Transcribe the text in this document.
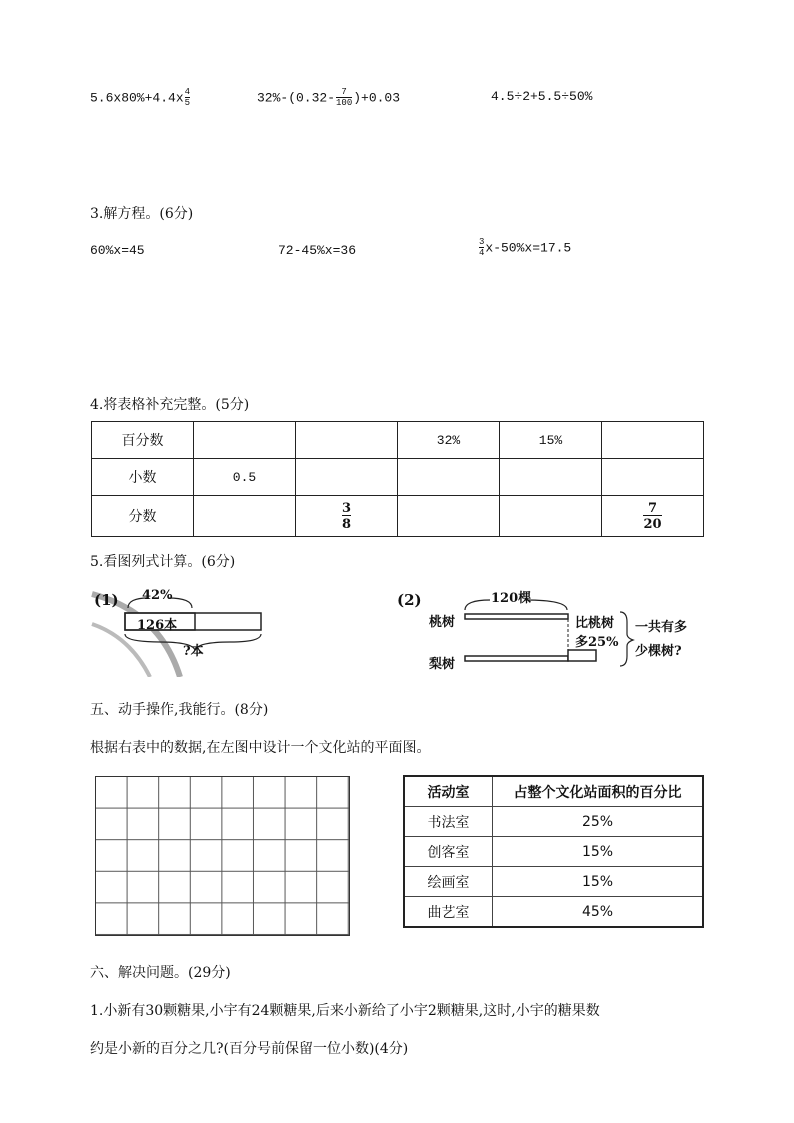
$5.6x80\%+4.4x \frac{4}{5}$	$32\%-(0.32- \frac{7}{100} )+0.03$	4.5÷2+5.5÷50%
3.解方程。(6分)
60%x=45	72-45%x=36	$\frac{3}{4} x-50\%x=17.5$
4.将表格补充完整。(5分)
百分数			32%	15%	
小数	0.5				
分数		$\frac{3}{8}$			$\frac{7}{20}$
5.看图列式计算。(6分)
(1) 42%
126本
?本
(2)	120棵
桃树
梨树
比桃树
多25%
一共有多
少棵树?
五、动手操作,我能行。(8分)
根据右表中的数据,在左图中设计一个文化站的平面图。
活动室	占整个文化站面积的百分比
书法室	25%
创客室	15%
绘画室	15%
曲艺室	45%
六、解决问题。(29分)
1.小新有30颗糖果,小宇有24颗糖果,后来小新给了小宇2颗糖果,这时,小宇的糖果数
约是小新的百分之几?(百分号前保留一位小数)(4分)
